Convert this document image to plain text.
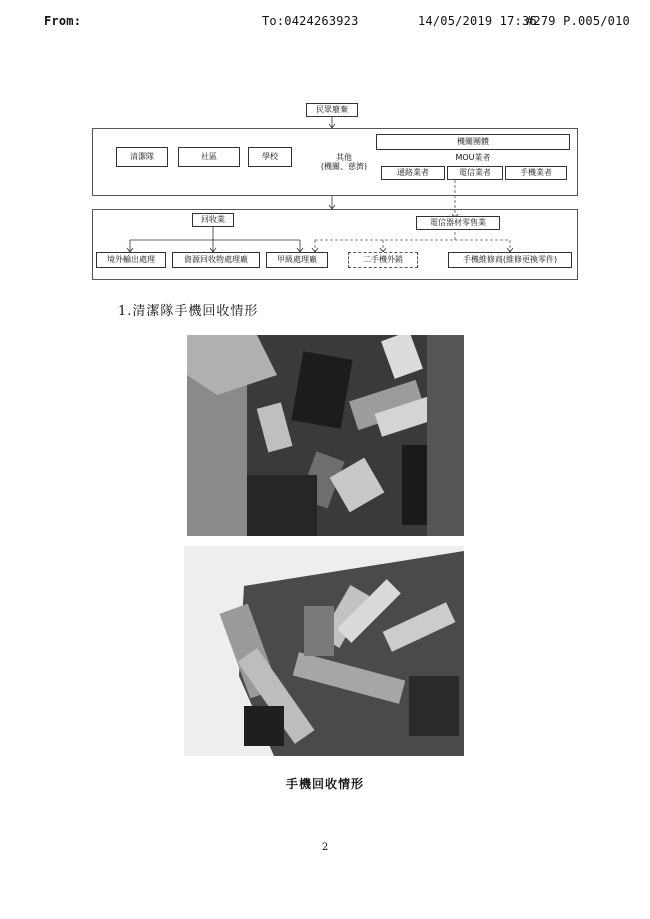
From:	To:0424263923	14/05/2019 17:36
#279 P.005/010
民眾廢棄
清潔隊	社區	學校	其他
(機關、慈濟)
機關團體
MOU業者
通路業者	電信業者	手機業者
回收業	電信器材零售業
境外輸出處理	資源回收物處理廠	甲級處理廠	二手機外銷	手機維修商(維修更換零件)
1.清潔隊手機回收情形
手機回收情形
2
